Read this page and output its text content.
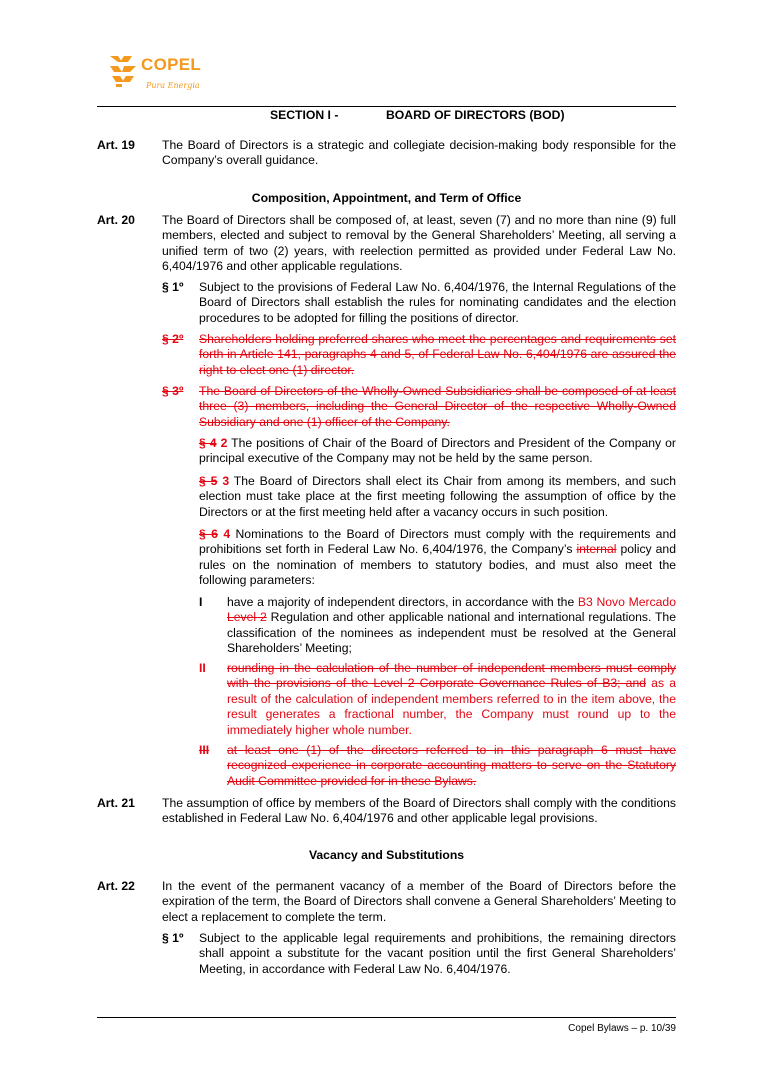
COPEL
Pura Energia
SECTION I -	BOARD OF DIRECTORS (BOD)
Art. 19 The Board of Directors is a strategic and collegiate decision-making body responsible for the Company’s overall guidance.
Composition, Appointment, and Term of Office
Art. 20 The Board of Directors shall be composed of, at least, seven (7) and no more than nine (9) full members, elected and subject to removal by the General Shareholders’ Meeting, all serving a unified term of two (2) years, with reelection permitted as provided under Federal Law No. 6,404/1976 and other applicable regulations.
§ 1º Subject to the provisions of Federal Law No. 6,404/1976, the Internal Regulations of the Board of Directors shall establish the rules for nominating candidates and the election procedures to be adopted for filling the positions of director.
§ 2º Shareholders holding preferred shares who meet the percentages and requirements set forth in Article 141, paragraphs 4 and 5, of Federal Law No. 6,404/1976 are assured the right to elect one (1) director.
§ 3º The Board of Directors of the Wholly-Owned Subsidiaries shall be composed of at least three (3) members, including the General Director of the respective Wholly-Owned Subsidiary and one (1) officer of the Company.
§ 4 2 The positions of Chair of the Board of Directors and President of the Company or principal executive of the Company may not be held by the same person.
§ 5 3 The Board of Directors shall elect its Chair from among its members, and such election must take place at the first meeting following the assumption of office by the Directors or at the first meeting held after a vacancy occurs in such position.
§ 6 4 Nominations to the Board of Directors must comply with the requirements and prohibitions set forth in Federal Law No. 6,404/1976, the Company’s internal policy and rules on the nomination of members to statutory bodies, and must also meet the following parameters:
I have a majority of independent directors, in accordance with the B3 Novo Mercado Level 2 Regulation and other applicable national and international regulations. The classification of the nominees as independent must be resolved at the General Shareholders’ Meeting;
II rounding in the calculation of the number of independent members must comply with the provisions of the Level 2 Corporate Governance Rules of B3; and as a result of the calculation of independent members referred to in the item above, the result generates a fractional number, the Company must round up to the immediately higher whole number.
III at least one (1) of the directors referred to in this paragraph 6 must have recognized experience in corporate accounting matters to serve on the Statutory Audit Committee provided for in these Bylaws.
Art. 21 The assumption of office by members of the Board of Directors shall comply with the conditions established in Federal Law No. 6,404/1976 and other applicable legal provisions.
Vacancy and Substitutions
Art. 22 In the event of the permanent vacancy of a member of the Board of Directors before the expiration of the term, the Board of Directors shall convene a General Shareholders’ Meeting to elect a replacement to complete the term.
§ 1º Subject to the applicable legal requirements and prohibitions, the remaining directors shall appoint a substitute for the vacant position until the first General Shareholders’ Meeting, in accordance with Federal Law No. 6,404/1976.
Copel Bylaws – p. 10/39
